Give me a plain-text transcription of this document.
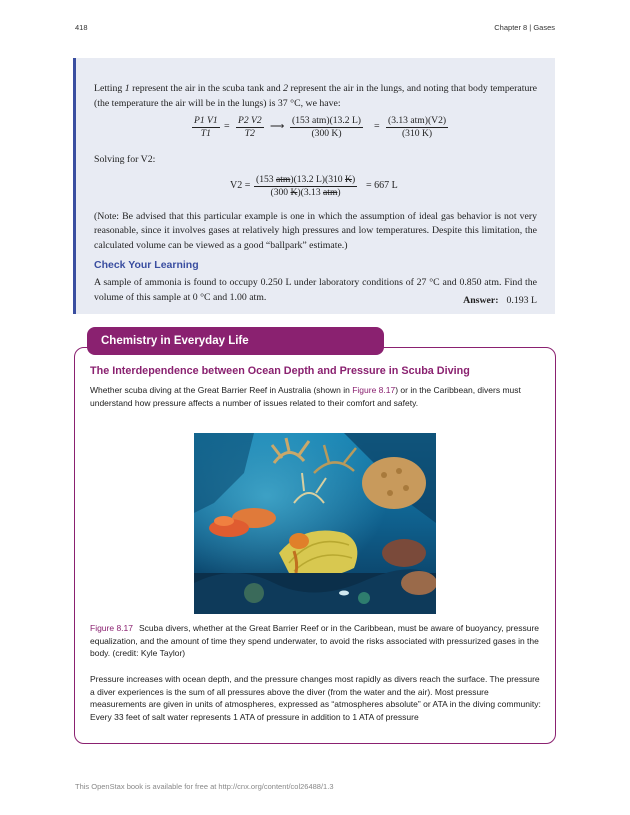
418	Chapter 8 | Gases

Letting 1 represent the air in the scuba tank and 2 represent the air in the lungs, and noting that body temperature (the temperature the air will be in the lungs) is 37 °C, we have:

$\frac{P1 V1}{T1} = \frac{P2 V2}{T2}$ ⟶
(153 atm)(13.2 L)
(300 K)
=
(3.13 atm)(V2)
(310 K)

Solving for V2:

V2 =
(153 atm)(13.2 L)(310 K)
(300 K)(3.13 atm)
= 667 L

(Note: Be advised that this particular example is one in which the assumption of ideal gas behavior is not very reasonable, since it involves gases at relatively high pressures and low temperatures. Despite this limitation, the calculated volume can be viewed as a good “ballpark” estimate.)

Check Your Learning

A sample of ammonia is found to occupy 0.250 L under laboratory conditions of 27 °C and 0.850 atm. Find the volume of this sample at 0 °C and 1.00 atm.	Answer: 0.193 L
Chemistry in Everyday Life
The Interdependence between Ocean Depth and Pressure in Scuba Diving
Whether scuba diving at the Great Barrier Reef in Australia (shown in Figure 8.17) or in the Caribbean, divers must understand how pressure affects a number of issues related to their comfort and safety.
Figure 8.17 Scuba divers, whether at the Great Barrier Reef or in the Caribbean, must be aware of buoyancy, pressure equalization, and the amount of time they spend underwater, to avoid the risks associated with pressurized gases in the body. (credit: Kyle Taylor)
Pressure increases with ocean depth, and the pressure changes most rapidly as divers reach the surface. The pressure a diver experiences is the sum of all pressures above the diver (from the water and the air). Most pressure measurements are given in units of atmospheres, expressed as “atmospheres absolute” or ATA in the diving community: Every 33 feet of salt water represents 1 ATA of pressure in addition to 1 ATA of pressure
This OpenStax book is available for free at http://cnx.org/content/col26488/1.3
